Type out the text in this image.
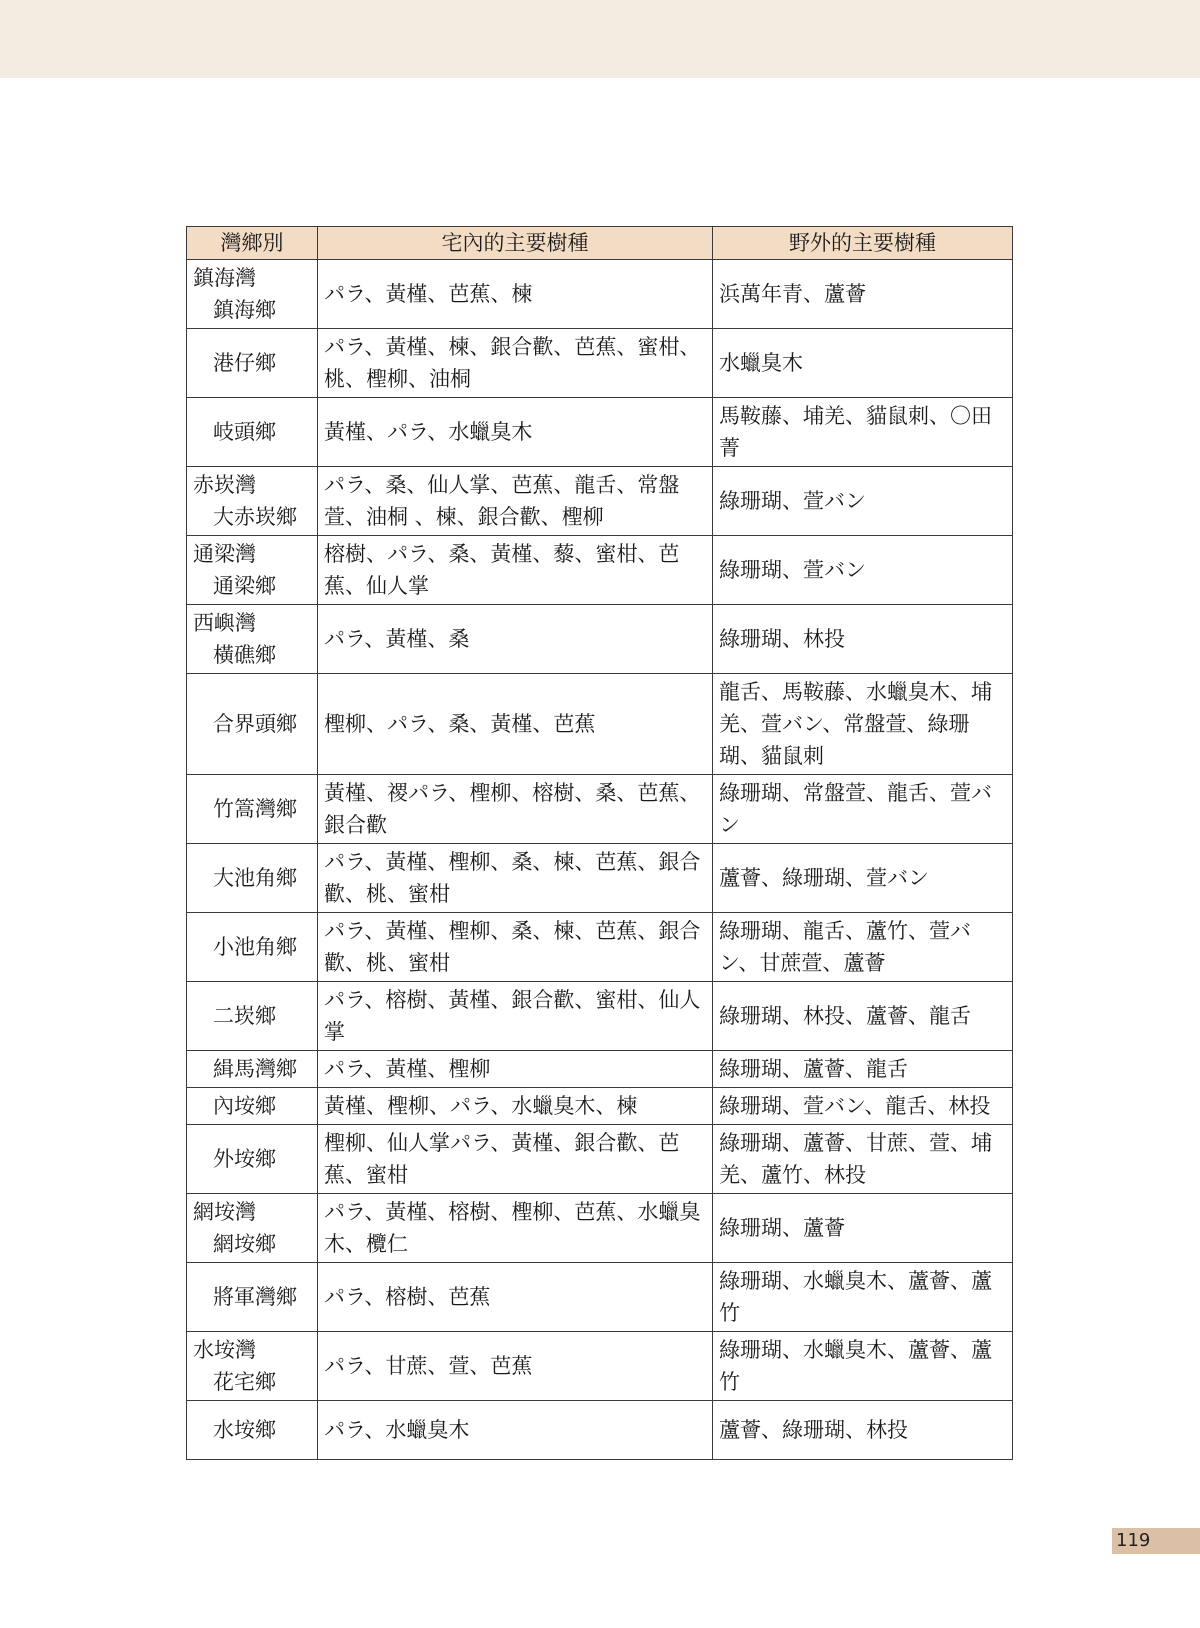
灣鄉別	宅內的主要樹種	野外的主要樹種

鎮海灣
鎮海鄉	パラ、黃槿、芭蕉、楝	浜萬年青、蘆薈

港仔鄉	パラ、黃槿、楝、銀合歡、芭蕉、蜜柑、桃、檉柳、油桐	水蠟臭木

岐頭鄉	黃槿、パラ、水蠟臭木	馬鞍藤、埔羌、貓鼠刺、〇田菁

赤崁灣
大赤崁鄉	パラ、桑、仙人掌、芭蕉、龍舌、常盤萱、油桐 、楝、銀合歡、檉柳	綠珊瑚、萱バン

通梁灣
通梁鄉	榕樹、パラ、桑、黃槿、藜、蜜柑、芭蕉、仙人掌	綠珊瑚、萱バン

西嶼灣
橫礁鄉	パラ、黃槿、桑	綠珊瑚、林投

合界頭鄉	檉柳、パラ、桑、黃槿、芭蕉	龍舌、馬鞍藤、水蠟臭木、埔羌、萱バン、常盤萱、綠珊瑚、貓鼠刺

竹篙灣鄉	黃槿、禝パラ、檉柳、榕樹、桑、芭蕉、銀合歡	綠珊瑚、常盤萱、龍舌、萱バン

大池角鄉	パラ、黃槿、檉柳、桑、楝、芭蕉、銀合歡、桃、蜜柑	蘆薈、綠珊瑚、萱バン

小池角鄉	パラ、黃槿、檉柳、桑、楝、芭蕉、銀合歡、桃、蜜柑	綠珊瑚、龍舌、蘆竹、萱バン、甘蔗萱、蘆薈

二崁鄉	パラ、榕樹、黃槿、銀合歡、蜜柑、仙人掌	綠珊瑚、林投、蘆薈、龍舌

緝馬灣鄉	パラ、黃槿、檉柳	綠珊瑚、蘆薈、龍舌

內垵鄉	黃槿、檉柳、パラ、水蠟臭木、楝	綠珊瑚、萱バン、龍舌、林投

外垵鄉	檉柳、仙人掌パラ、黃槿、銀合歡、芭蕉、蜜柑	綠珊瑚、蘆薈、甘蔗、萱、埔羌、蘆竹、林投

網垵灣
網垵鄉	パラ、黃槿、榕樹、檉柳、芭蕉、水蠟臭木、欖仁	綠珊瑚、蘆薈

將軍灣鄉	パラ、榕樹、芭蕉	綠珊瑚、水蠟臭木、蘆薈、蘆竹

水垵灣
花宅鄉	パラ、甘蔗、萱、芭蕉	綠珊瑚、水蠟臭木、蘆薈、蘆竹

水垵鄉	パラ、水蠟臭木	蘆薈、綠珊瑚、林投
119
